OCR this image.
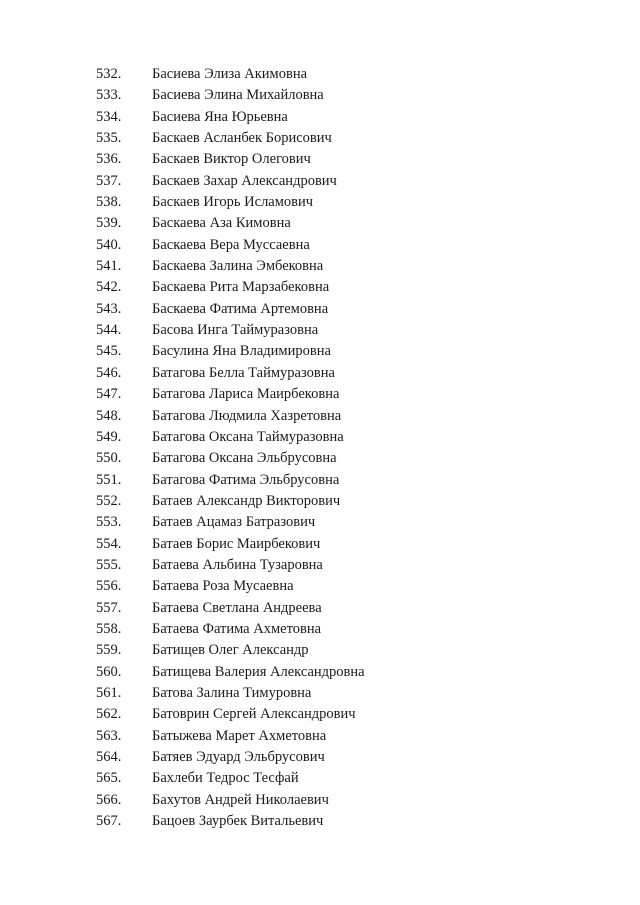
532. Басиева Элиза Акимовна
533. Басиева Элина Михайловна
534. Басиева Яна Юрьевна
535. Баскаев Асланбек Борисович
536. Баскаев Виктор Олегович
537. Баскаев Захар Александрович
538. Баскаев Игорь Исламович
539. Баскаева Аза Кимовна
540. Баскаева Вера Муссаевна
541. Баскаева Залина Эмбековна
542. Баскаева Рита Марзабековна
543. Баскаева Фатима Артемовна
544. Басова Инга Таймуразовна
545. Басулина Яна Владимировна
546. Батагова Белла Таймуразовна
547. Батагова Лариса Маирбековна
548. Батагова Людмила Хазретовна
549. Батагова Оксана Таймуразовна
550. Батагова Оксана Эльбрусовна
551. Батагова Фатима Эльбрусовна
552. Батаев Александр Викторович
553. Батаев Ацамаз Батразович
554. Батаев Борис Маирбекович
555. Батаева Альбина Тузаровна
556. Батаева Роза Мусаевна
557. Батаева Светлана Андреева
558. Батаева Фатима Ахметовна
559. Батищев Олег Александр
560. Батищева Валерия Александровна
561. Батова Залина Тимуровна
562. Батоврин Сергей Александрович
563. Батыжева Марет Ахметовна
564. Батяев Эдуард Эльбрусович
565. Бахлеби Тедрос Тесфай
566. Бахутов Андрей Николаевич
567. Бацоев Заурбек Витальевич
